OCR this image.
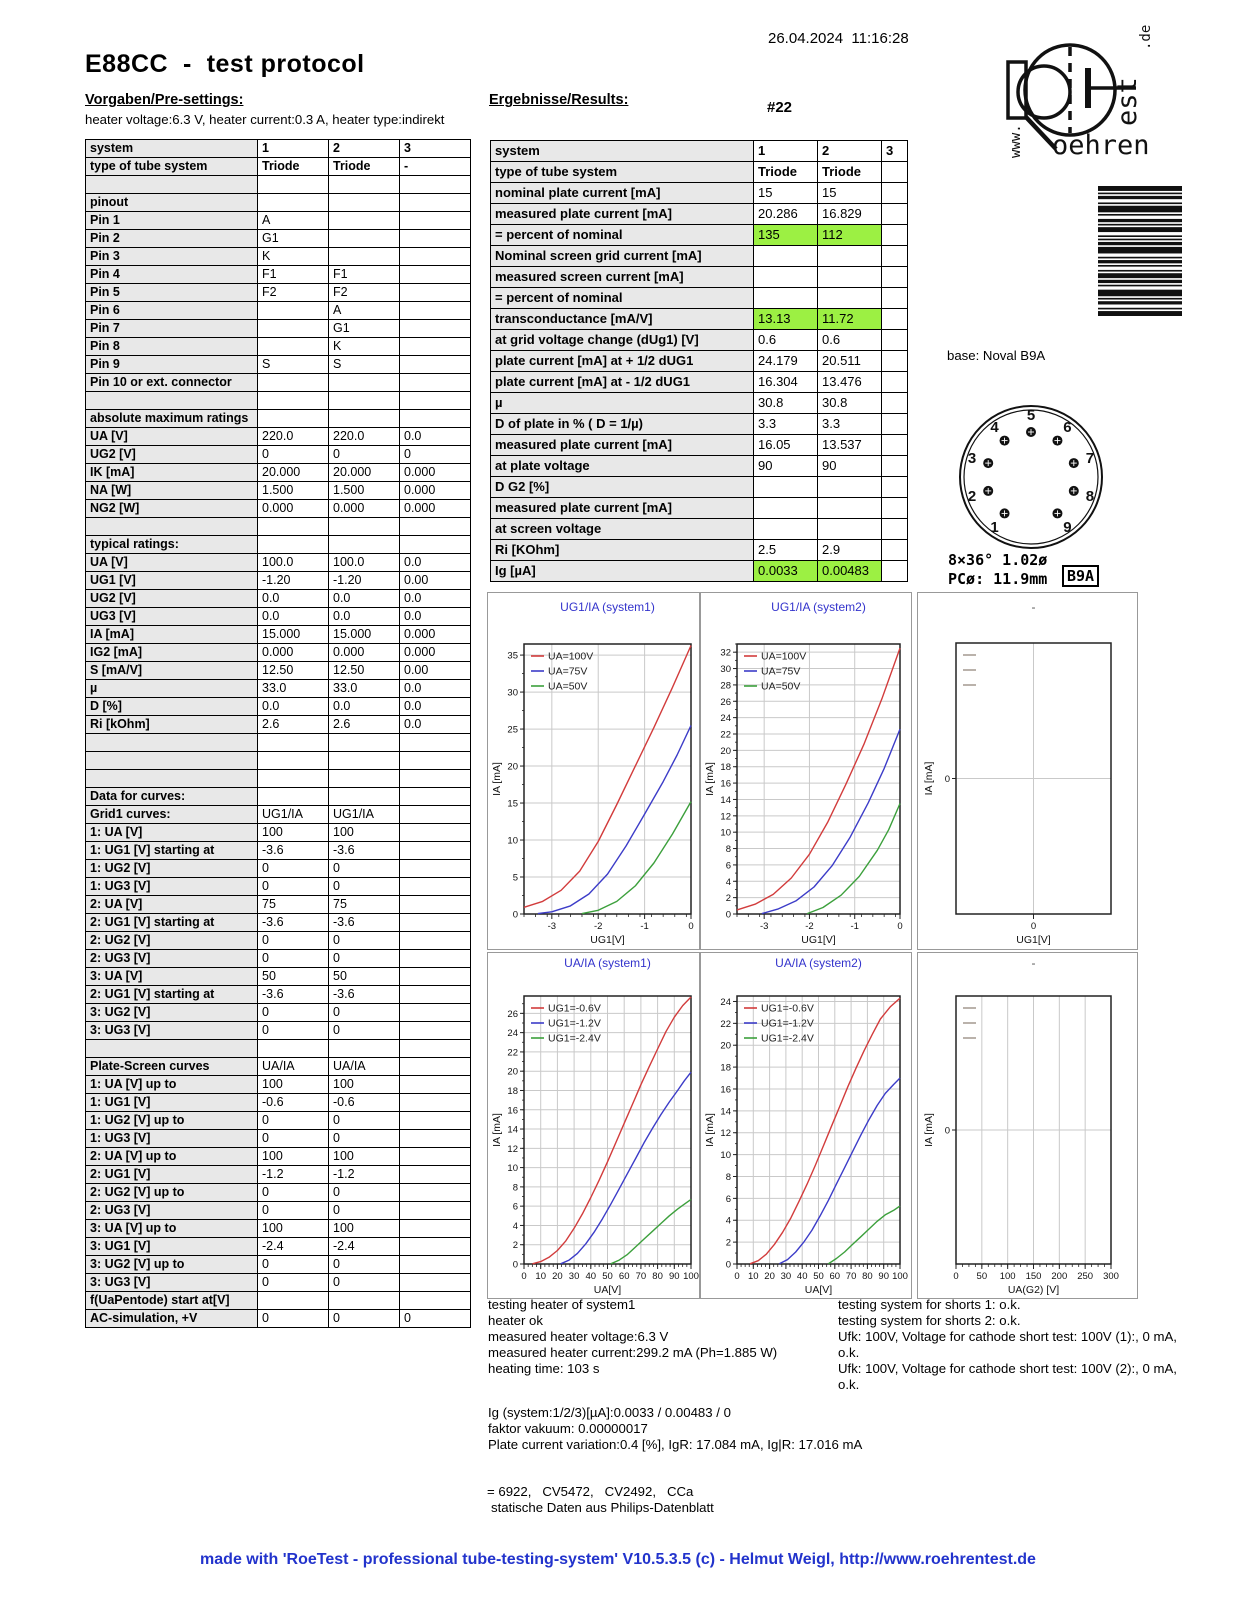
26.04.2024  11:16:28
E88CC  -  test protocol
oehren
est
.de
www.
Vorgaben/Pre-settings:
heater voltage:6.3 V, heater current:0.3 A, heater type:indirekt
Ergebnisse/Results:	#22
system	1	2	3
type of tube system	Triode	Triode	-

pinout			
Pin 1	A		
Pin 2	G1		
Pin 3	K		
Pin 4	F1	F1	
Pin 5	F2	F2	
Pin 6		A	
Pin 7		G1	
Pin 8		K	
Pin 9	S	S	
Pin 10 or ext. connector			

absolute maximum ratings			
UA [V]	220.0	220.0	0.0
UG2 [V]	0	0	0
IK [mA]	20.000	20.000	0.000
NA [W]	1.500	1.500	0.000
NG2 [W]	0.000	0.000	0.000

typical ratings:			
UA [V]	100.0	100.0	0.0
UG1 [V]	-1.20	-1.20	0.00
UG2 [V]	0.0	0.0	0.0
UG3 [V]	0.0	0.0	0.0
IA [mA]	15.000	15.000	0.000
IG2 [mA]	0.000	0.000	0.000
S [mA/V]	12.50	12.50	0.00
µ	33.0	33.0	0.0
D [%]	0.0	0.0	0.0
Ri [kOhm]	2.6	2.6	0.0

Data for curves:			
Grid1 curves:	UG1/IA	UG1/IA	
1: UA [V]	100	100	
1: UG1 [V] starting at	-3.6	-3.6	
1: UG2 [V]	0	0	
1: UG3 [V]	0	0	
2: UA [V]	75	75	
2: UG1 [V] starting at	-3.6	-3.6	
2: UG2 [V]	0	0	
2: UG3 [V]	0	0	
3: UA [V]	50	50	
2: UG1 [V] starting at	-3.6	-3.6	
3: UG2 [V]	0	0	
3: UG3 [V]	0	0	

Plate-Screen curves	UA/IA	UA/IA	
1: UA [V] up to	100	100	
1: UG1 [V]	-0.6	-0.6	
1: UG2 [V] up to	0	0	
1: UG3 [V]	0	0	
2: UA [V] up to	100	100	
2: UG1 [V]	-1.2	-1.2	
2: UG2 [V] up to	0	0	
2: UG3 [V]	0	0	
3: UA [V] up to	100	100	
3: UG1 [V]	-2.4	-2.4	
3: UG2 [V] up to	0	0	
3: UG3 [V]	0	0	
f(UaPentode) start at[V]			
AC-simulation, +V	0	0	0
system	1	2	3
type of tube system	Triode	Triode	
nominal plate current [mA]	15	15	
measured plate current [mA]	20.286	16.829	
= percent of nominal	135	112	
Nominal screen grid current [mA]			
measured screen current [mA]			
= percent of nominal			
transconductance [mA/V]	13.13	11.72	
at grid voltage change (dUg1) [V]	0.6	0.6	
plate current [mA] at + 1/2 dUG1	24.179	20.511	
plate current [mA] at - 1/2 dUG1	16.304	13.476	
µ	30.8	30.8	
D of plate in % ( D = 1/µ)	3.3	3.3	
measured plate current [mA]	16.05	13.537	
at plate voltage	90	90	
D G2 [%]			
measured plate current [mA]			
at screen voltage			
Ri [KOhm]	2.5	2.9	
Ig [µA]	0.0033	0.00483	
base: Noval B9A
1
2
3
4
5
6
7
8
9
8×36° 1.02ø
PCø: 11.9mm	B9A
UG1/IA (system1)
-3	-2	-1	0
0
5
10
15
20
25
30
35
UG1[V]
IA [mA]
UA=100V
UA=75V
UA=50V
UG1/IA (system2)
-3	-2	-1	0
0
2
4
6
8
10
12
14
16
18
20
22
24
26
28
30
32
UG1[V]
IA [mA]
UA=100V
UA=75V
UA=50V
-
0
0
UG1[V]
IA [mA]
UA/IA (system1)
0 10 20 30 40 50 60 70 80 90 100
0
2
4
6
8
10
12
14
16
18
20
22
24
26
UA[V]
IA [mA]
UG1=-0.6V
UG1=-1.2V
UG1=-2.4V
UA/IA (system2)
0 10 20 30 40 50 60 70 80 90 100
0
2
4
6
8
10
12
14
16
18
20
22
24
UA[V]
IA [mA]
UG1=-0.6V
UG1=-1.2V
UG1=-2.4V
-
0 50 100 150 200 250 300
0
UA(G2) [V]
IA [mA]
testing heater of system1
heater ok
measured heater voltage:6.3 V
measured heater current:299.2 mA (Ph=1.885 W)
heating time: 103 s
Ig (system:1/2/3)[µA]:0.0033 / 0.00483 / 0
faktor vakuum: 0.00000017
Plate current variation:0.4 [%], IgR: 17.084 mA, Ig|R: 17.016 mA
testing system for shorts 1: o.k.
testing system for shorts 2: o.k.
Ufk: 100V, Voltage for cathode short test: 100V (1):, 0 mA, o.k.
Ufk: 100V, Voltage for cathode short test: 100V (2):, 0 mA, o.k.
= 6922,   CV5472,   CV2492,   CCa
statische Daten aus Philips-Datenblatt
made with 'RoeTest - professional tube-testing-system' V10.5.3.5 (c) - Helmut Weigl, http://www.roehrentest.de
